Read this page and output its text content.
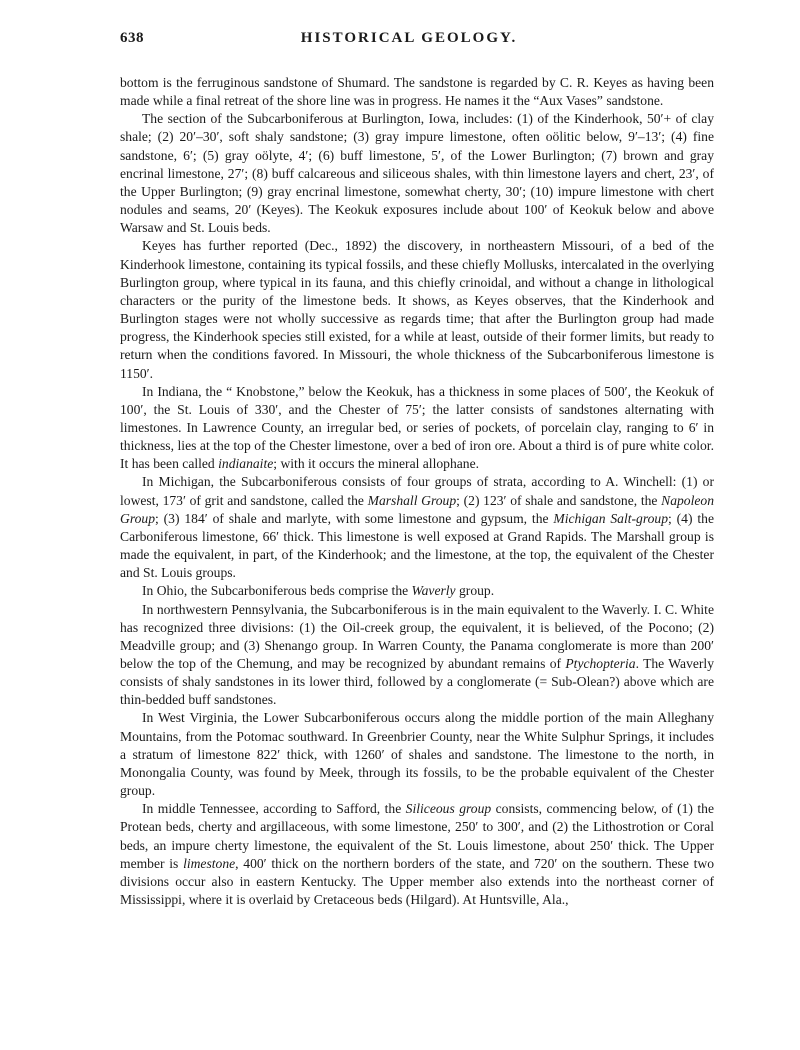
638	HISTORICAL GEOLOGY.

bottom is the ferruginous sandstone of Shumard. The sandstone is regarded by C. R. Keyes as having been made while a final retreat of the shore line was in progress. He names it the “Aux Vases” sandstone.

The section of the Subcarboniferous at Burlington, Iowa, includes: (1) of the Kinderhook, 50′+ of clay shale; (2) 20′–30′, soft shaly sandstone; (3) gray impure limestone, often oölitic below, 9′–13′; (4) fine sandstone, 6′; (5) gray oölyte, 4′; (6) buff limestone, 5′, of the Lower Burlington; (7) brown and gray encrinal limestone, 27′; (8) buff calcareous and siliceous shales, with thin limestone layers and chert, 23′, of the Upper Burlington; (9) gray encrinal limestone, somewhat cherty, 30′; (10) impure limestone with chert nodules and seams, 20′ (Keyes). The Keokuk exposures include about 100′ of Keokuk below and above Warsaw and St. Louis beds.

Keyes has further reported (Dec., 1892) the discovery, in northeastern Missouri, of a bed of the Kinderhook limestone, containing its typical fossils, and these chiefly Mollusks, intercalated in the overlying Burlington group, where typical in its fauna, and this chiefly crinoidal, and without a change in lithological characters or the purity of the limestone beds. It shows, as Keyes observes, that the Kinderhook and Burlington stages were not wholly successive as regards time; that after the Burlington group had made progress, the Kinderhook species still existed, for a while at least, outside of their former limits, but ready to return when the conditions favored. In Missouri, the whole thickness of the Subcarboniferous limestone is 1150′.

In Indiana, the “ Knobstone,” below the Keokuk, has a thickness in some places of 500′, the Keokuk of 100′, the St. Louis of 330′, and the Chester of 75′; the latter consists of sandstones alternating with limestones. In Lawrence County, an irregular bed, or series of pockets, of porcelain clay, ranging to 6′ in thickness, lies at the top of the Chester limestone, over a bed of iron ore. About a third is of pure white color. It has been called indianaite; with it occurs the mineral allophane.

In Michigan, the Subcarboniferous consists of four groups of strata, according to A. Winchell: (1) or lowest, 173′ of grit and sandstone, called the Marshall Group; (2) 123′ of shale and sandstone, the Napoleon Group; (3) 184′ of shale and marlyte, with some limestone and gypsum, the Michigan Salt-group; (4) the Carboniferous limestone, 66′ thick. This limestone is well exposed at Grand Rapids. The Marshall group is made the equivalent, in part, of the Kinderhook; and the limestone, at the top, the equivalent of the Chester and St. Louis groups.

In Ohio, the Subcarboniferous beds comprise the Waverly group.

In northwestern Pennsylvania, the Subcarboniferous is in the main equivalent to the Waverly. I. C. White has recognized three divisions: (1) the Oil-creek group, the equivalent, it is believed, of the Pocono; (2) Meadville group; and (3) Shenango group. In Warren County, the Panama conglomerate is more than 200′ below the top of the Chemung, and may be recognized by abundant remains of Ptychopteria. The Waverly consists of shaly sandstones in its lower third, followed by a conglomerate (= Sub-Olean?) above which are thin-bedded buff sandstones.

In West Virginia, the Lower Subcarboniferous occurs along the middle portion of the main Alleghany Mountains, from the Potomac southward. In Greenbrier County, near the White Sulphur Springs, it includes a stratum of limestone 822′ thick, with 1260′ of shales and sandstone. The limestone to the north, in Monongalia County, was found by Meek, through its fossils, to be the probable equivalent of the Chester group.

In middle Tennessee, according to Safford, the Siliceous group consists, commencing below, of (1) the Protean beds, cherty and argillaceous, with some limestone, 250′ to 300′, and (2) the Lithostrotion or Coral beds, an impure cherty limestone, the equivalent of the St. Louis limestone, about 250′ thick. The Upper member is limestone, 400′ thick on the northern borders of the state, and 720′ on the southern. These two divisions occur also in eastern Kentucky. The Upper member also extends into the northeast corner of Mississippi, where it is overlaid by Cretaceous beds (Hilgard). At Huntsville, Ala.,
